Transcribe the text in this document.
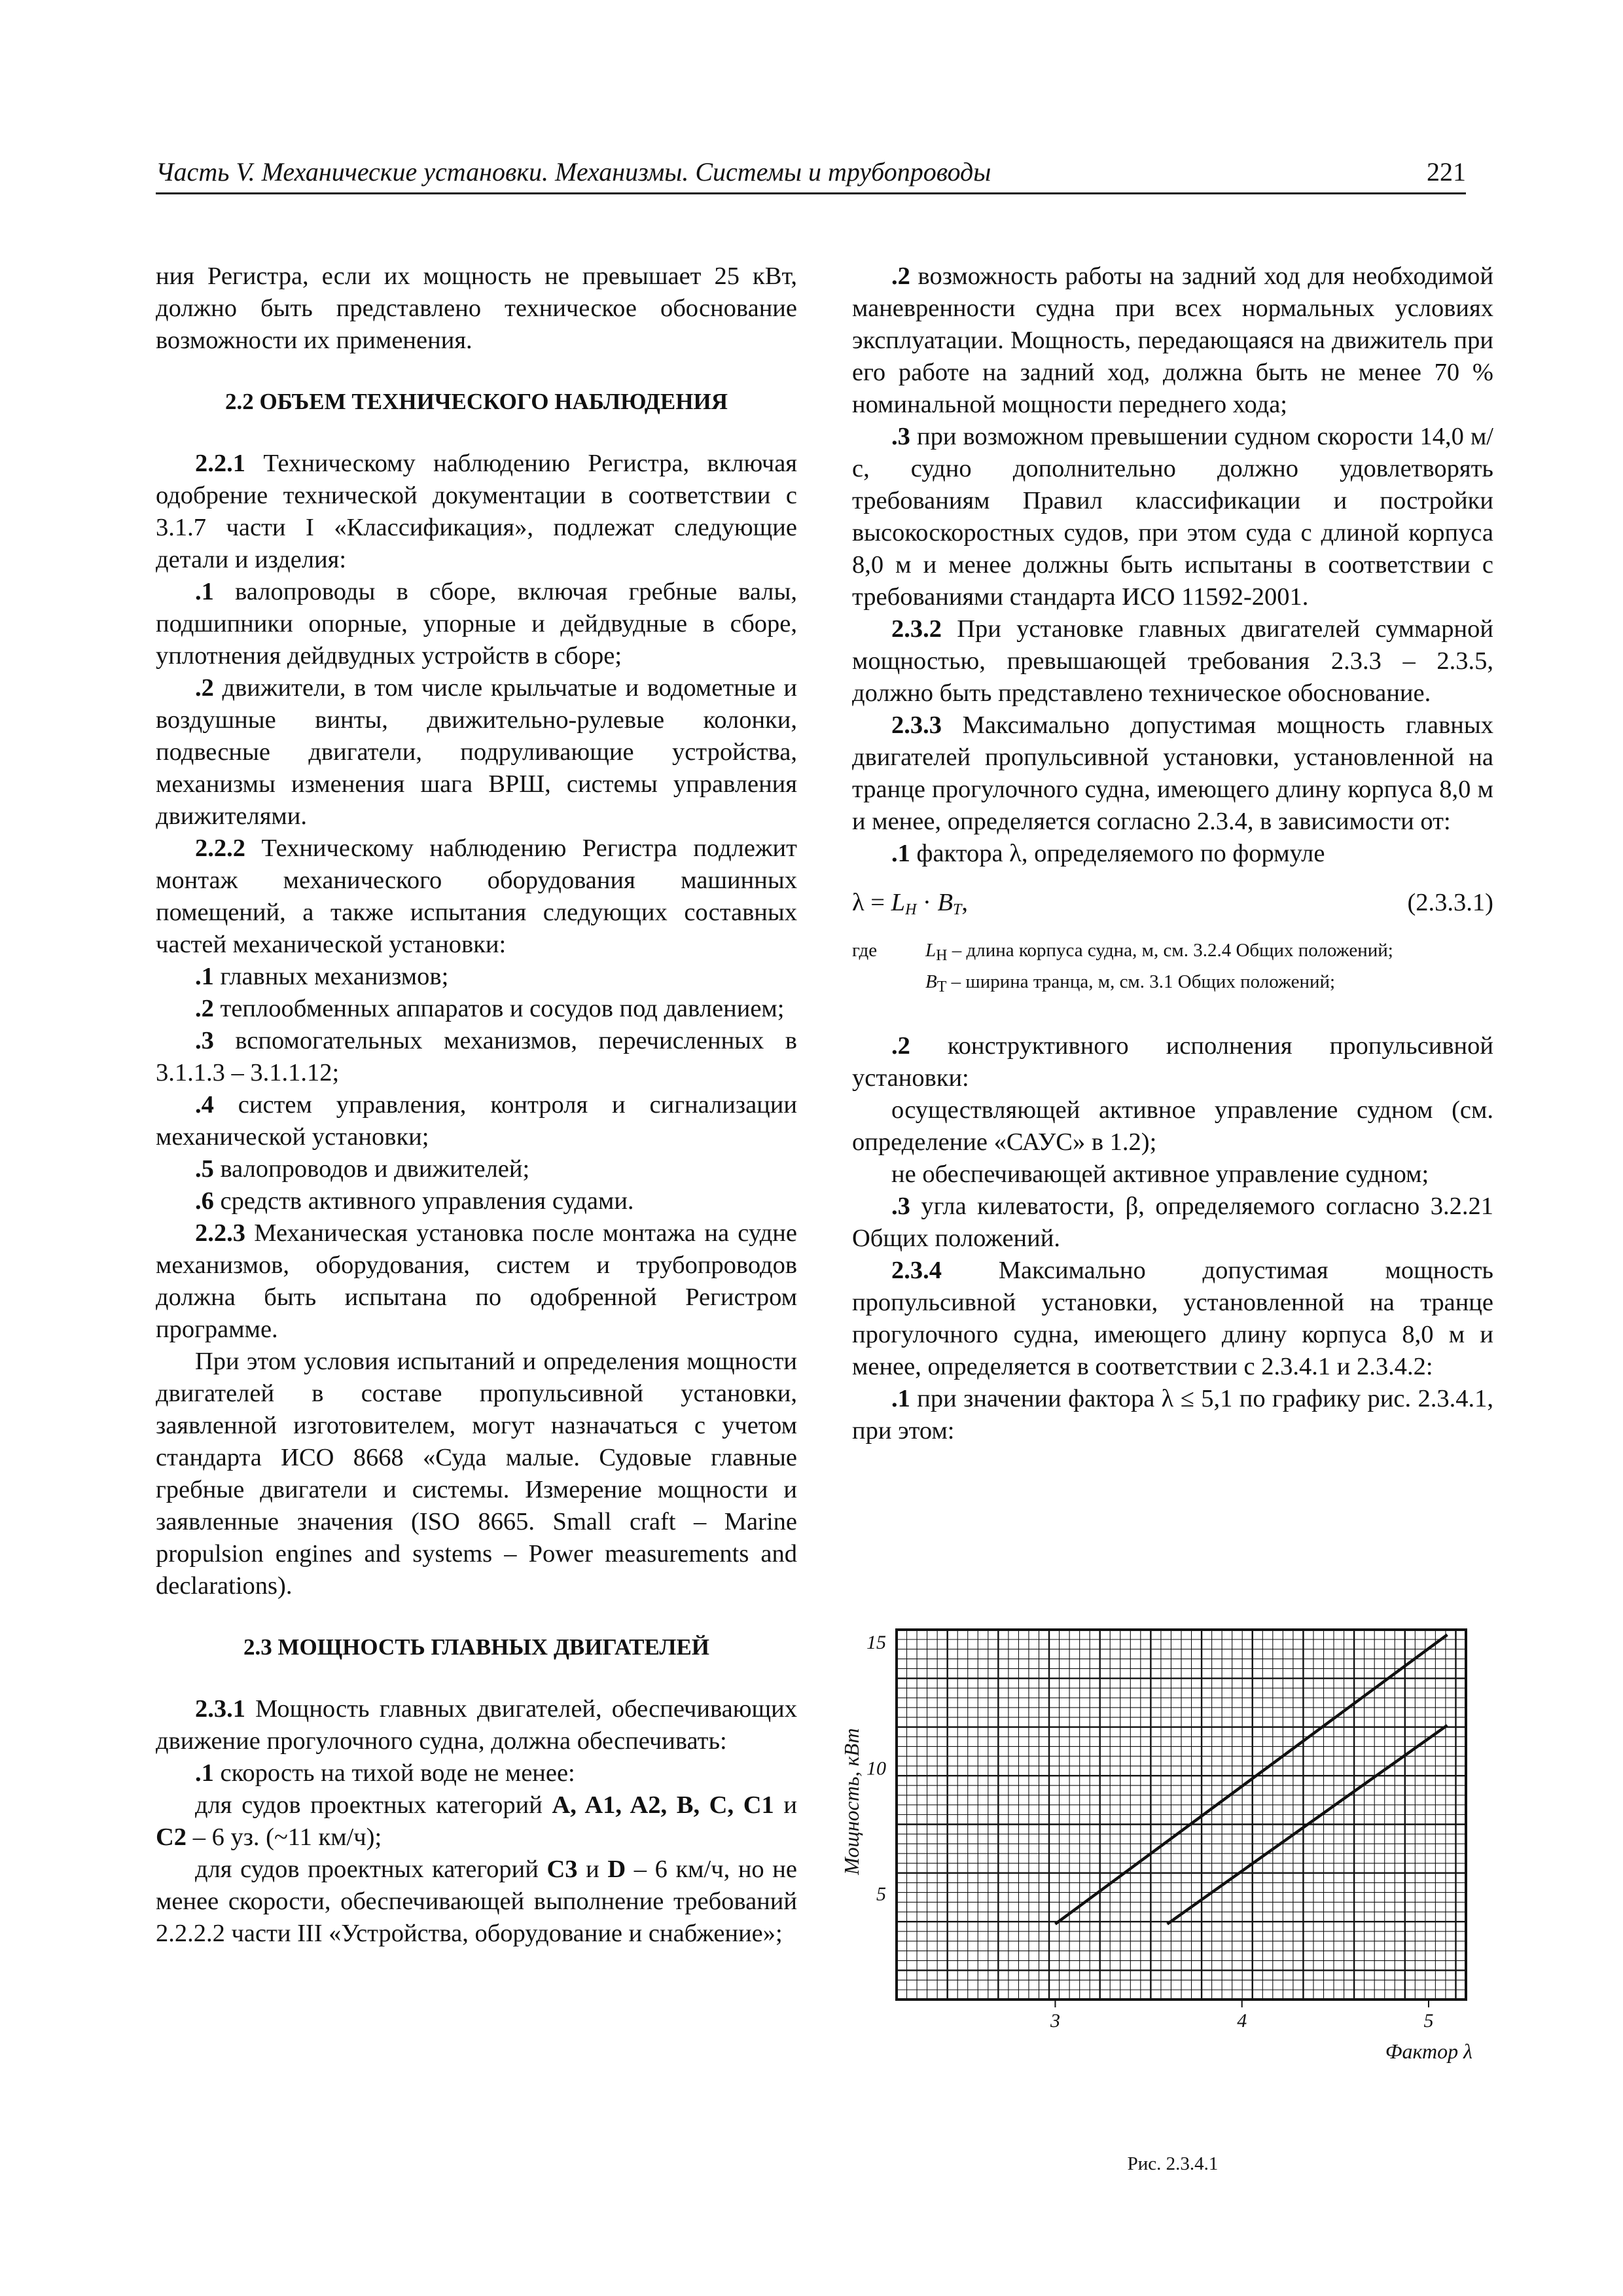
Часть V. Механические установки. Механизмы. Системы и трубопроводы	221

ния Регистра, если их мощность не превышает 25 кВт, должно быть представлено техническое обоснование возможности их применения.

2.2 ОБЪЕМ ТЕХНИЧЕСКОГО НАБЛЮДЕНИЯ

2.2.1 Техническому наблюдению Регистра, включая одобрение технической документации в соответствии с 3.1.7 части I «Классификация», подлежат следующие детали и изделия:

.1 валопроводы в сборе, включая гребные валы, подшипники опорные, упорные и дейдвудные в сборе, уплотнения дейдвудных устройств в сборе;

.2 движители, в том числе крыльчатые и водометные и воздушные винты, движительно-рулевые колонки, подвесные двигатели, подруливающие устройства, механизмы изменения шага ВРШ, системы управления движителями.

2.2.2 Техническому наблюдению Регистра подлежит монтаж механического оборудования машинных помещений, а также испытания следующих составных частей механической установки:

.1 главных механизмов;

.2 теплообменных аппаратов и сосудов под давлением;

.3 вспомогательных механизмов, перечисленных в 3.1.1.3 – 3.1.1.12;

.4 систем управления, контроля и сигнализации механической установки;

.5 валопроводов и движителей;

.6 средств активного управления судами.

2.2.3 Механическая установка после монтажа на судне механизмов, оборудования, систем и трубопроводов должна быть испытана по одобренной Регистром программе.

При этом условия испытаний и определения мощности двигателей в составе пропульсивной установки, заявленной изготовителем, могут назначаться с учетом стандарта ИСО 8668 «Суда малые. Судовые главные гребные двигатели и системы. Измерение мощности и заявленные значения (ISO 8665. Small craft – Marine propulsion engines and systems – Power measurements and declarations).

2.3 МОЩНОСТЬ ГЛАВНЫХ ДВИГАТЕЛЕЙ

2.3.1 Мощность главных двигателей, обеспечивающих движение прогулочного судна, должна обеспечивать:

.1 скорость на тихой воде не менее:

для судов проектных категорий A, A1, A2, B, C, C1 и C2 – 6 уз. (~11 км/ч);

для судов проектных категорий C3 и D – 6 км/ч, но не менее скорости, обеспечивающей выполнение требований 2.2.2.2 части III «Устройства, оборудование и снабжение»;

.2 возможность работы на задний ход для необходимой маневренности судна при всех нормальных условиях эксплуатации. Мощность, передающаяся на движитель при его работе на задний ход, должна быть не менее 70 % номинальной мощности переднего хода;

.3 при возможном превышении судном скорости 14,0 м/с, судно дополнительно должно удовлетворять требованиям Правил классификации и постройки высокоскоростных судов, при этом суда с длиной корпуса 8,0 м и менее должны быть испытаны в соответствии с требованиями стандарта ИСО 11592-2001.

2.3.2 При установке главных двигателей суммарной мощностью, превышающей требования 2.3.3 – 2.3.5, должно быть представлено техническое обоснование.

2.3.3 Максимально допустимая мощность главных двигателей пропульсивной установки, установленной на транце прогулочного судна, имеющего длину корпуса 8,0 м и менее, определяется согласно 2.3.4, в зависимости от:

.1 фактора λ, определяемого по формуле

$\lambda = L_H \cdot B_T$,	(2.3.3.1)
где	$L_H$ – длина корпуса судна, м, см. 3.2.4 Общих положений;
$B_T$ – ширина транца, м, см. 3.1 Общих положений;

.2 конструктивного исполнения пропульсивной установки:

осуществляющей активное управление судном (см. определение «САУС» в 1.2);

не обеспечивающей активное управление судном;

.3 угла килеватости, β, определяемого согласно 3.2.21 Общих положений.

2.3.4 Максимально допустимая мощность пропульсивной установки, установленной на транце прогулочного судна, имеющего длину корпуса 8,0 м и менее, определяется в соответствии с 2.3.4.1 и 2.3.4.2:

.1 при значении фактора λ ≤ 5,1 по графику рис. 2.3.4.1, при этом:

3	4	5
5
10
15
Мощность, кВт
Фактор λ
Рис. 2.3.4.1
